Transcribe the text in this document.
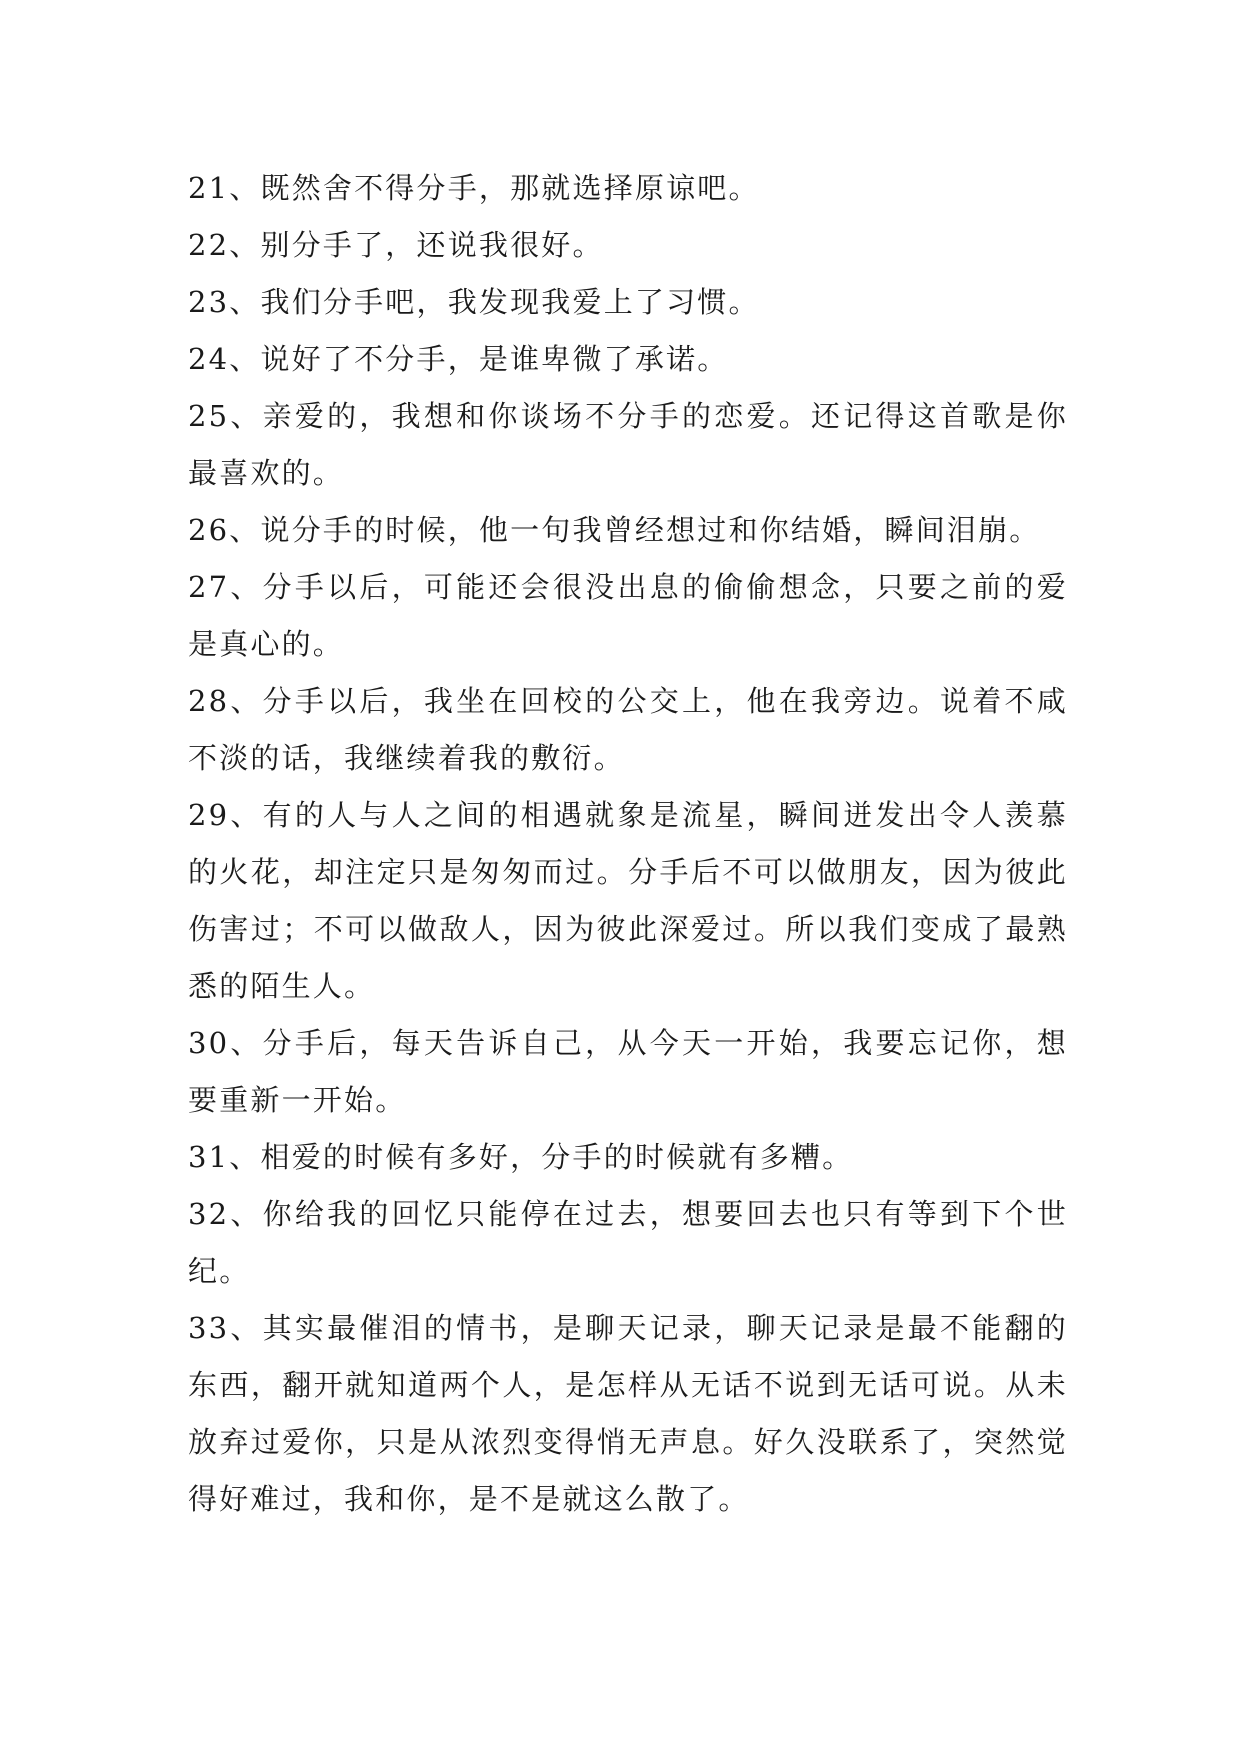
21、既然舍不得分手，那就选择原谅吧。

22、别分手了，还说我很好。

23、我们分手吧，我发现我爱上了习惯。

24、说好了不分手，是谁卑微了承诺。

25、亲爱的，我想和你谈场不分手的恋爱。还记得这首歌是你最喜欢的。

26、说分手的时候，他一句我曾经想过和你结婚，瞬间泪崩。

27、分手以后，可能还会很没出息的偷偷想念，只要之前的爱是真心的。

28、分手以后，我坐在回校的公交上，他在我旁边。说着不咸不淡的话，我继续着我的敷衍。

29、有的人与人之间的相遇就象是流星，瞬间迸发出令人羡慕的火花，却注定只是匆匆而过。分手后不可以做朋友，因为彼此伤害过；不可以做敌人，因为彼此深爱过。所以我们变成了最熟悉的陌生人。

30、分手后，每天告诉自己，从今天一开始，我要忘记你，想要重新一开始。

31、相爱的时候有多好，分手的时候就有多糟。

32、你给我的回忆只能停在过去，想要回去也只有等到下个世纪。

33、其实最催泪的情书，是聊天记录，聊天记录是最不能翻的东西，翻开就知道两个人，是怎样从无话不说到无话可说。从未放弃过爱你，只是从浓烈变得悄无声息。好久没联系了，突然觉得好难过，我和你，是不是就这么散了。
